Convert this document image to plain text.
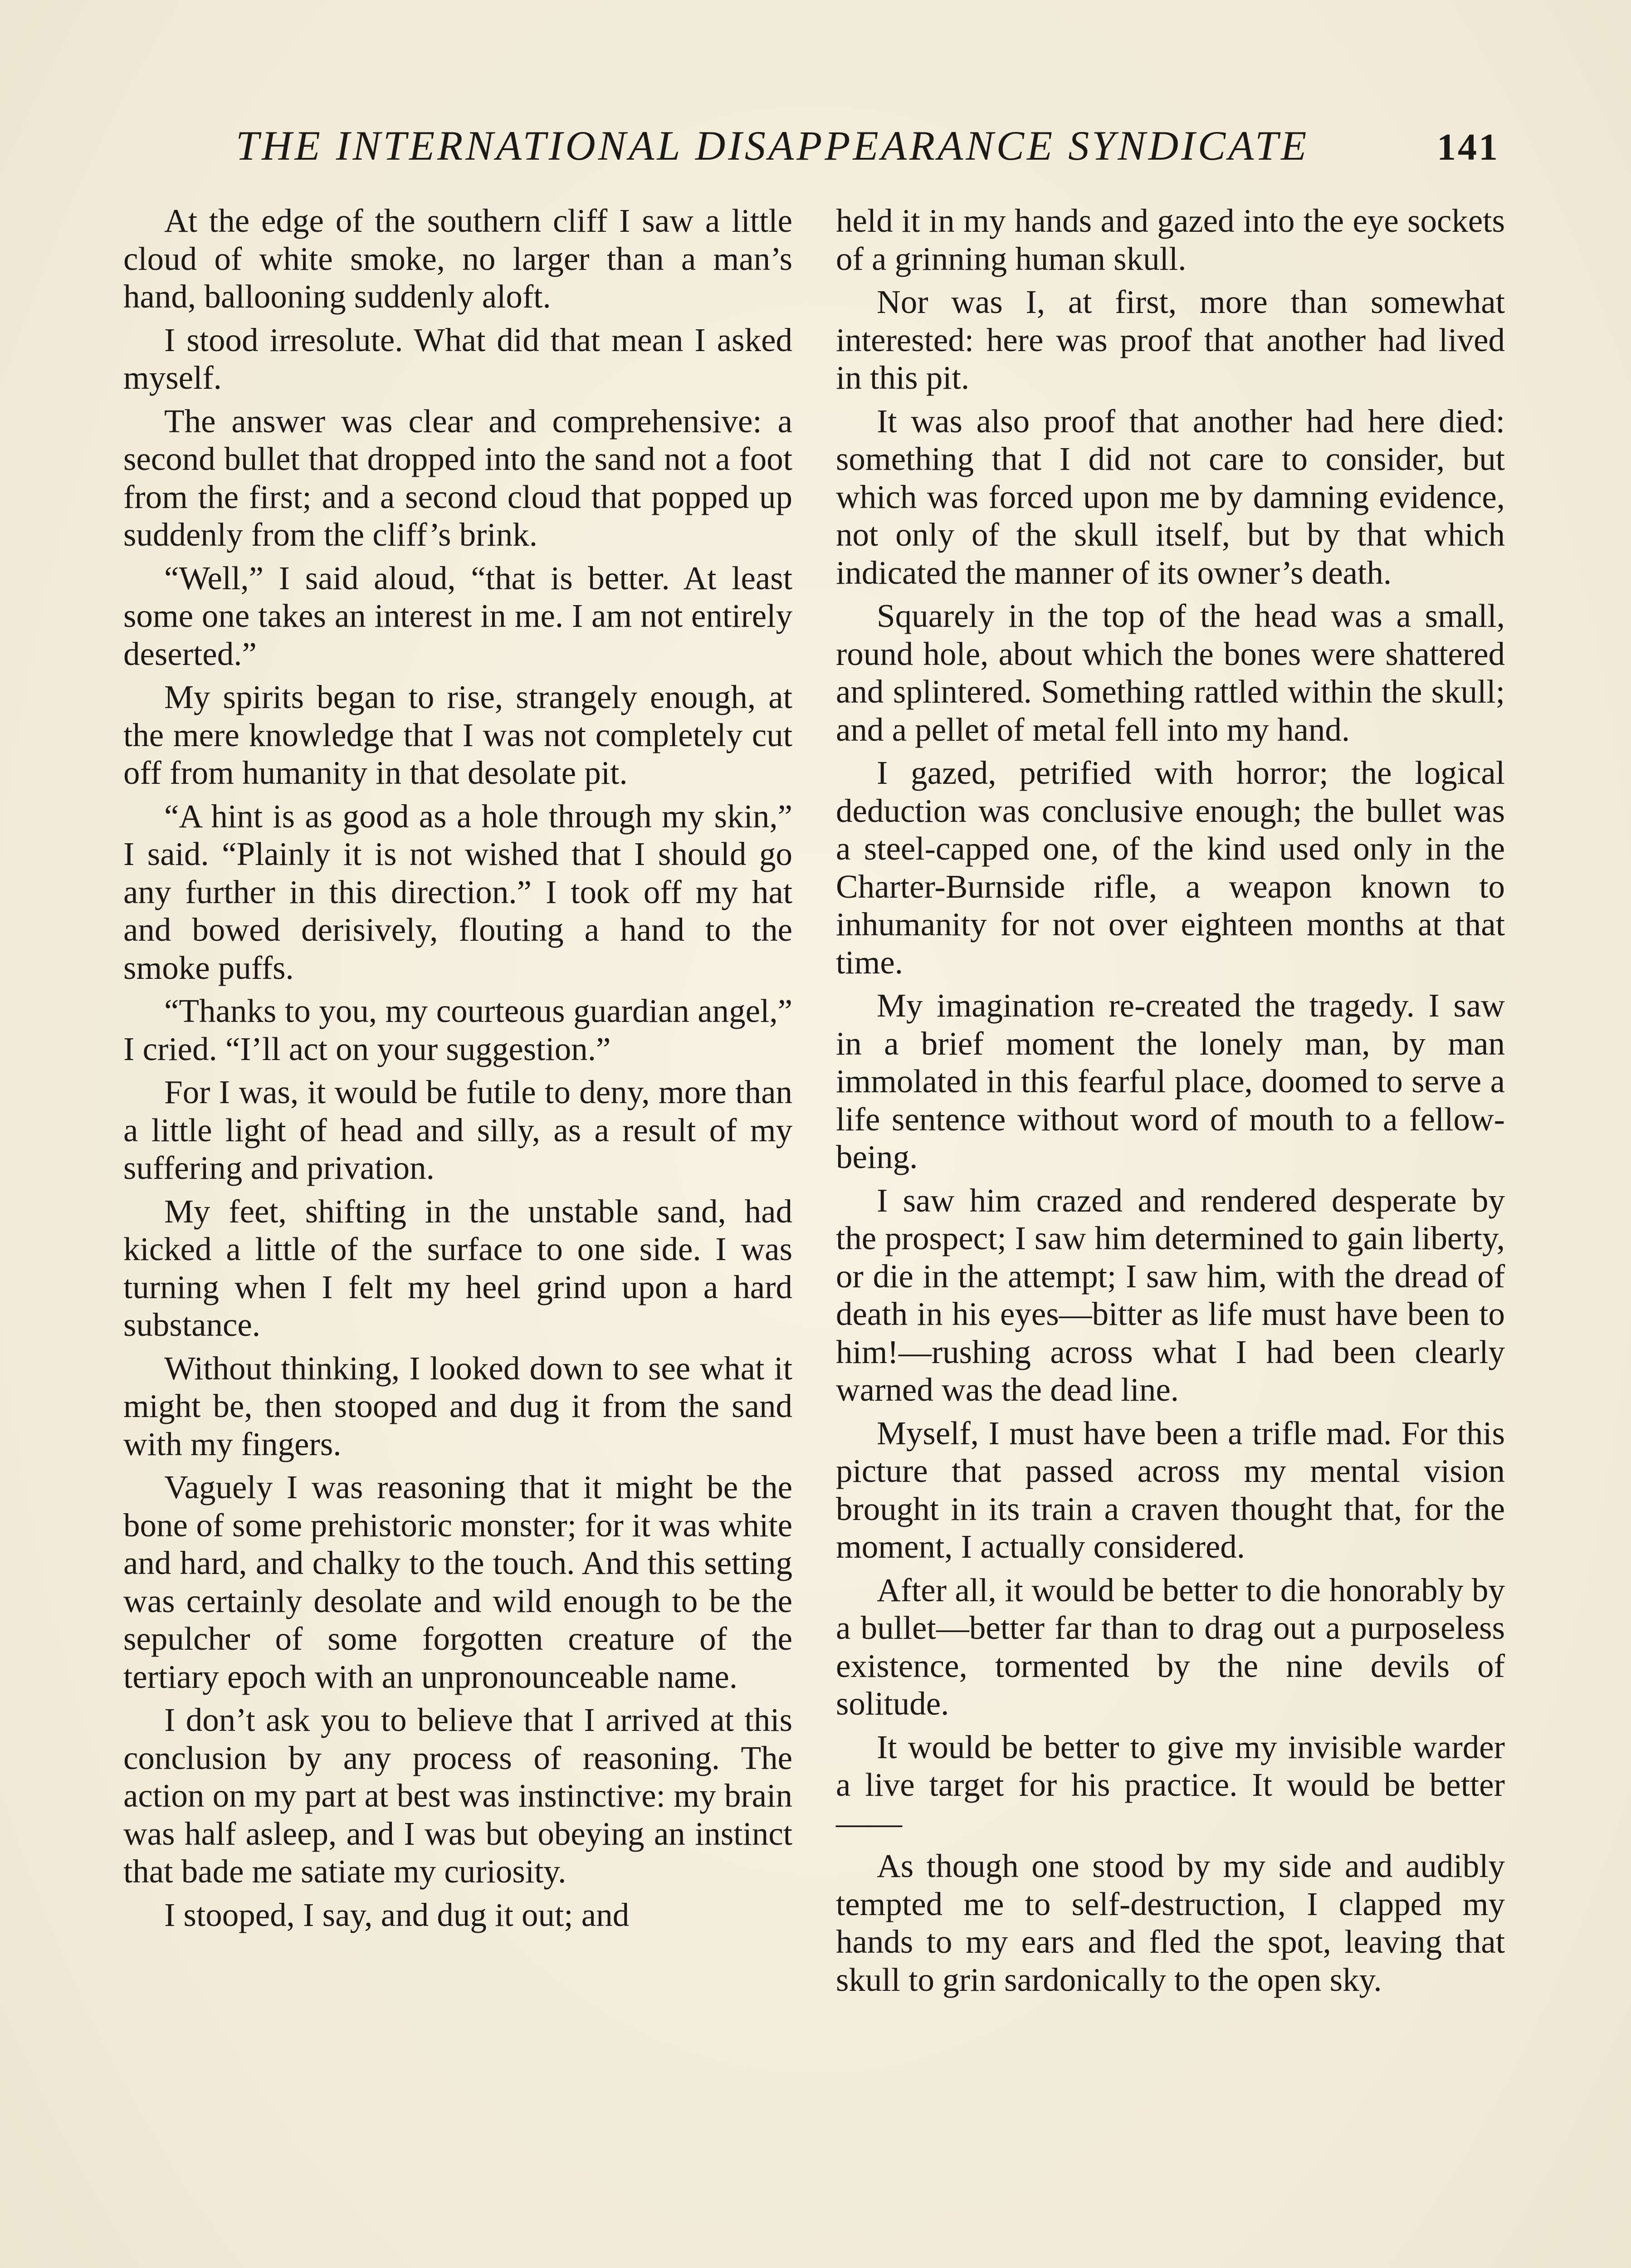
THE INTERNATIONAL DISAPPEARANCE SYNDICATE	141

At the edge of the southern cliff I saw a little cloud of white smoke, no larger than a man’s hand, ballooning suddenly aloft.

I stood irresolute. What did that mean I asked myself.

The answer was clear and comprehensive: a second bullet that dropped into the sand not a foot from the first; and a second cloud that popped up suddenly from the cliff’s brink.

“Well,” I said aloud, “that is better. At least some one takes an interest in me. I am not entirely deserted.”

My spirits began to rise, strangely enough, at the mere knowledge that I was not completely cut off from humanity in that desolate pit.

“A hint is as good as a hole through my skin,” I said. “Plainly it is not wished that I should go any further in this direction.” I took off my hat and bowed derisively, flouting a hand to the smoke puffs.

“Thanks to you, my courteous guardian angel,” I cried. “I’ll act on your suggestion.”

For I was, it would be futile to deny, more than a little light of head and silly, as a result of my suffering and privation.

My feet, shifting in the unstable sand, had kicked a little of the surface to one side. I was turning when I felt my heel grind upon a hard substance.

Without thinking, I looked down to see what it might be, then stooped and dug it from the sand with my fingers.

Vaguely I was reasoning that it might be the bone of some prehistoric monster; for it was white and hard, and chalky to the touch. And this setting was certainly desolate and wild enough to be the sepulcher of some forgotten creature of the tertiary epoch with an unpronounceable name.

I don’t ask you to believe that I arrived at this conclusion by any process of reasoning. The action on my part at best was instinctive: my brain was half asleep, and I was but obeying an instinct that bade me satiate my curiosity.

I stooped, I say, and dug it out; and

held it in my hands and gazed into the eye sockets of a grinning human skull.

Nor was I, at first, more than somewhat interested: here was proof that another had lived in this pit.

It was also proof that another had here died: something that I did not care to consider, but which was forced upon me by damning evidence, not only of the skull itself, but by that which indicated the manner of its owner’s death.

Squarely in the top of the head was a small, round hole, about which the bones were shattered and splintered. Something rattled within the skull; and a pellet of metal fell into my hand.

I gazed, petrified with horror; the logical deduction was conclusive enough; the bullet was a steel-capped one, of the kind used only in the Charter-Burnside rifle, a weapon known to inhumanity for not over eighteen months at that time.

My imagination re-created the tragedy. I saw in a brief moment the lonely man, by man immolated in this fearful place, doomed to serve a life sentence without word of mouth to a fellow-being.

I saw him crazed and rendered desperate by the prospect; I saw him determined to gain liberty, or die in the attempt; I saw him, with the dread of death in his eyes—bitter as life must have been to him!—rushing across what I had been clearly warned was the dead line.

Myself, I must have been a trifle mad. For this picture that passed across my mental vision brought in its train a craven thought that, for the moment, I actually considered.

After all, it would be better to die honorably by a bullet—better far than to drag out a purposeless existence, tormented by the nine devils of solitude.

It would be better to give my invisible warder a live target for his practice. It would be better——

As though one stood by my side and audibly tempted me to self-destruction, I clapped my hands to my ears and fled the spot, leaving that skull to grin sardonically to the open sky.
